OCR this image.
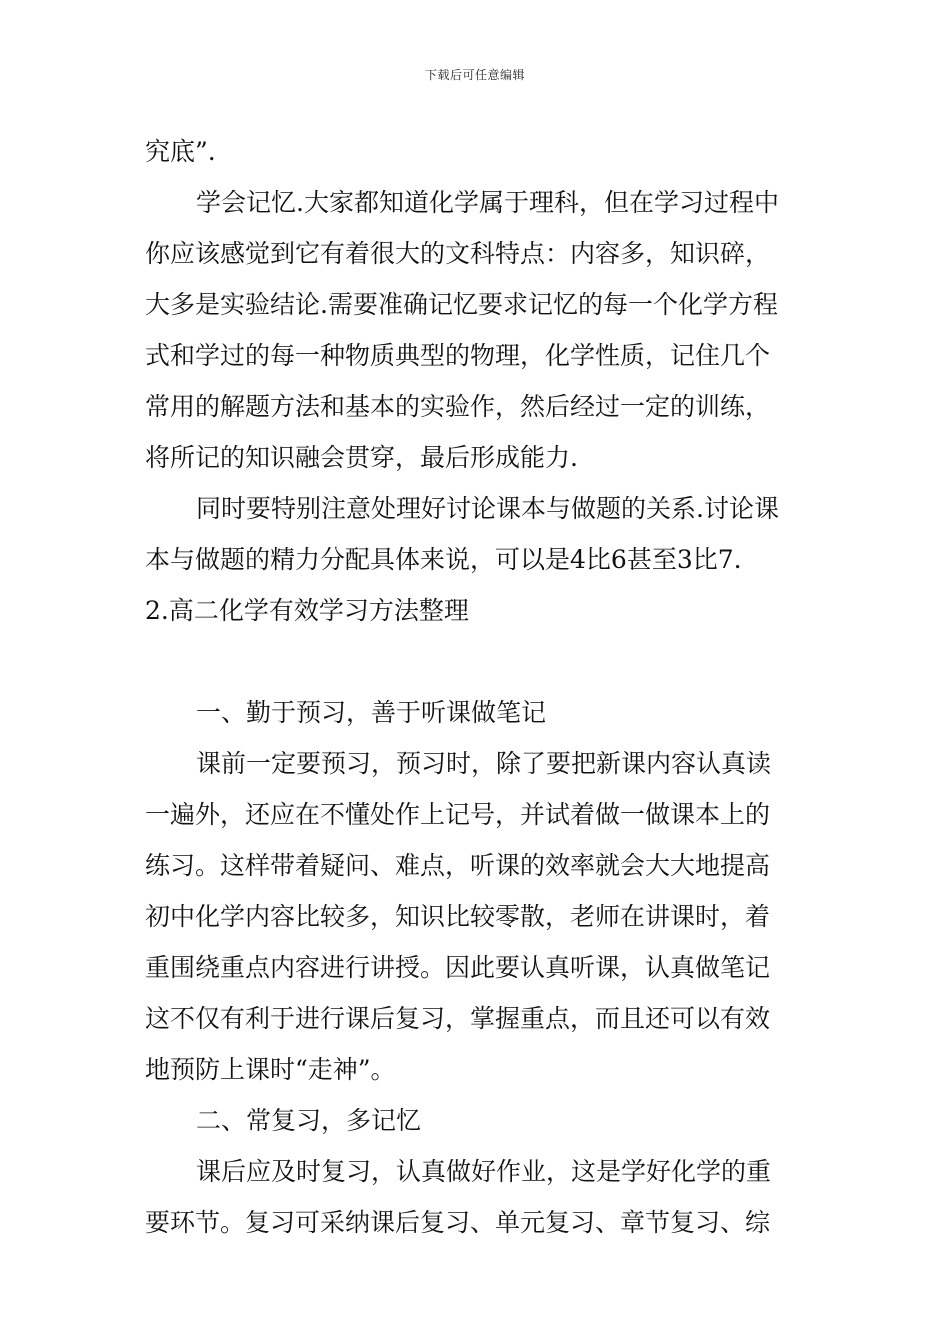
下载后可任意编辑
究底”.
学会记忆.大家都知道化学属于理科，但在学习过程中
你应该感觉到它有着很大的文科特点：内容多，知识碎，
大多是实验结论.需要准确记忆要求记忆的每一个化学方程
式和学过的每一种物质典型的物理，化学性质，记住几个
常用的解题方法和基本的实验作，然后经过一定的训练，
将所记的知识融会贯穿，最后形成能力.
同时要特别注意处理好讨论课本与做题的关系.讨论课
本与做题的精力分配具体来说，可以是4比6甚至3比7.
2.高二化学有效学习方法整理
一、勤于预习，善于听课做笔记
课前一定要预习，预习时，除了要把新课内容认真读
一遍外，还应在不懂处作上记号，并试着做一做课本上的
练习。这样带着疑问、难点，听课的效率就会大大地提高
初中化学内容比较多，知识比较零散，老师在讲课时，着
重围绕重点内容进行讲授。因此要认真听课，认真做笔记
这不仅有利于进行课后复习，掌握重点，而且还可以有效
地预防上课时“走神”。
二、常复习，多记忆
课后应及时复习，认真做好作业，这是学好化学的重
要环节。复习可采纳课后复习、单元复习、章节复习、综
